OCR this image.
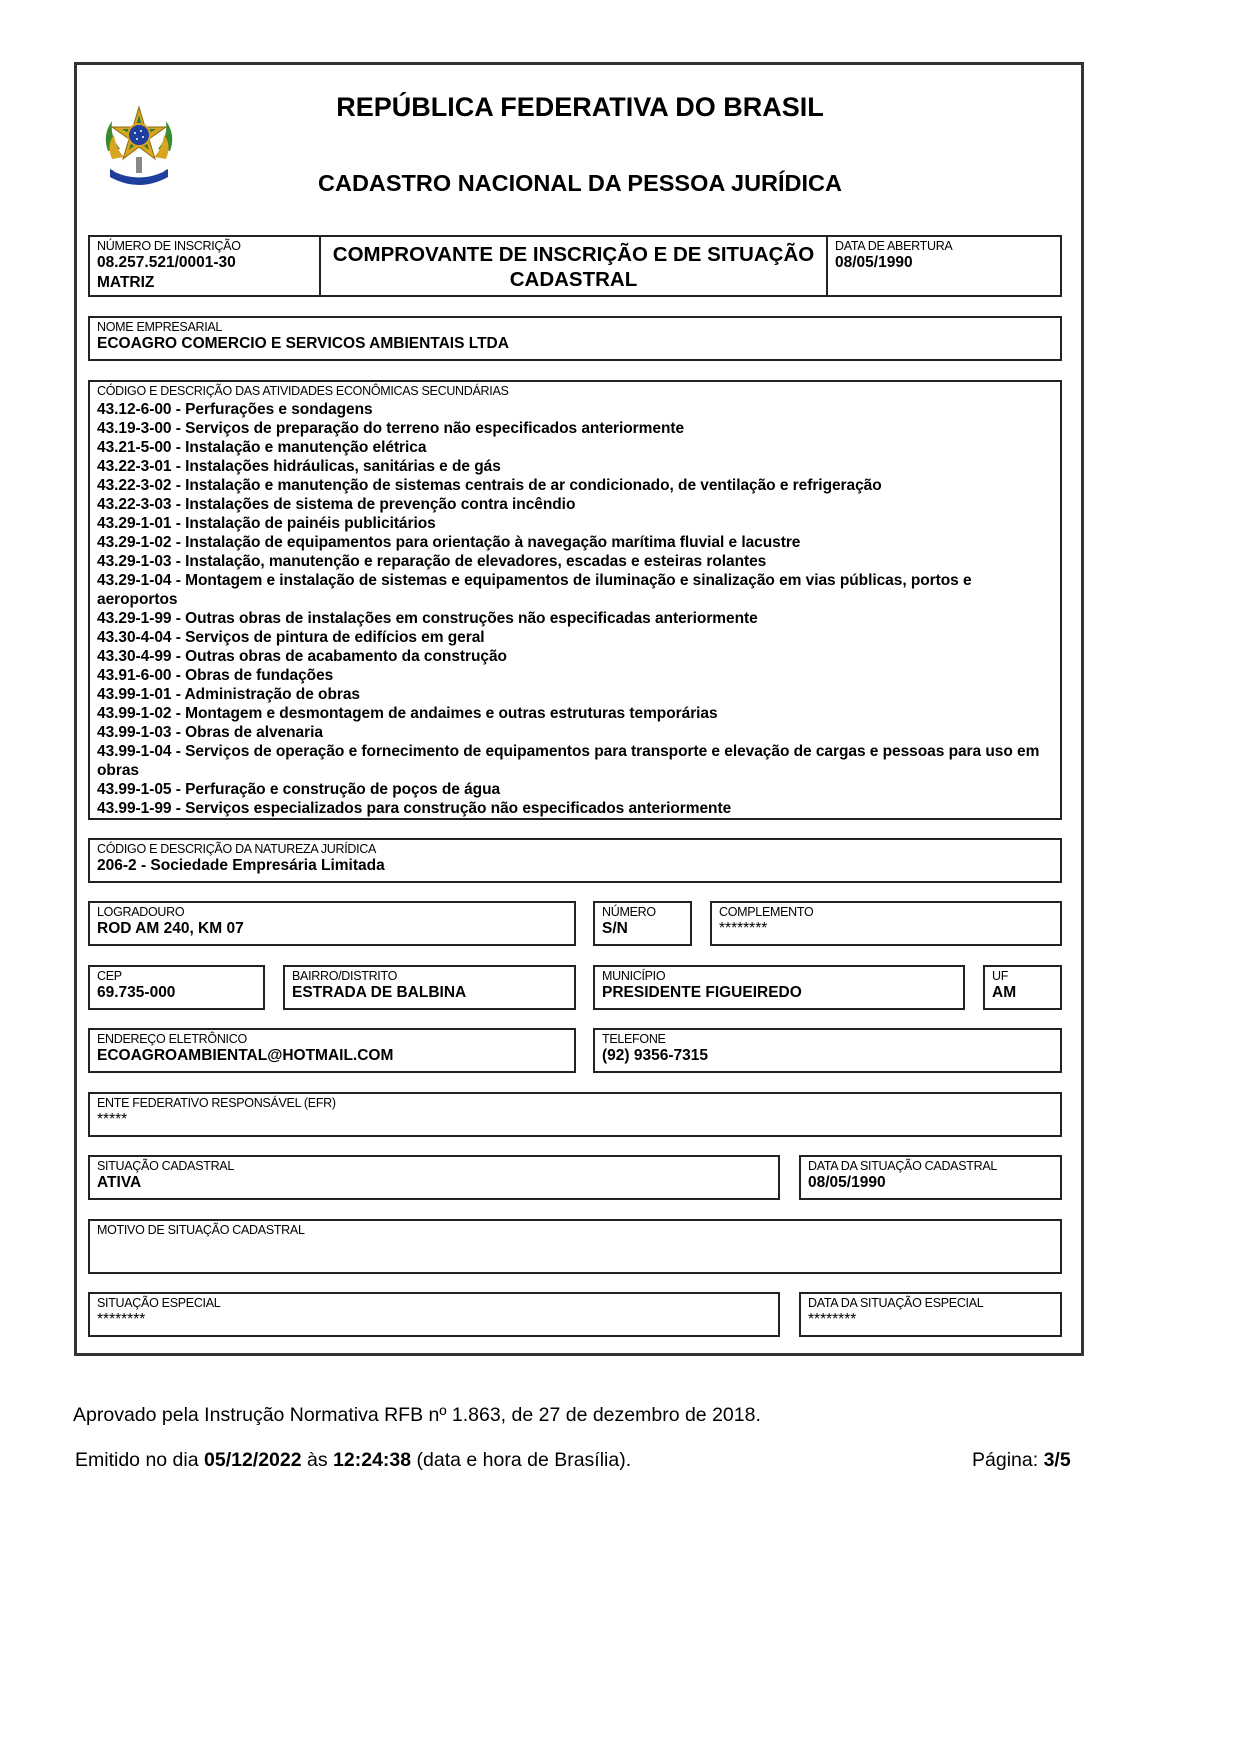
REPÚBLICA FEDERATIVA DO BRASIL
CADASTRO NACIONAL DA PESSOA JURÍDICA
NÚMERO DE INSCRIÇÃO
08.257.521/0001-30
MATRIZ
COMPROVANTE DE INSCRIÇÃO E DE SITUAÇÃO
CADASTRAL
DATA DE ABERTURA
08/05/1990
NOME EMPRESARIAL
ECOAGRO COMERCIO E SERVICOS AMBIENTAIS LTDA
CÓDIGO E DESCRIÇÃO DAS ATIVIDADES ECONÔMICAS SECUNDÁRIAS
43.12-6-00 - Perfurações e sondagens
43.19-3-00 - Serviços de preparação do terreno não especificados anteriormente
43.21-5-00 - Instalação e manutenção elétrica
43.22-3-01 - Instalações hidráulicas, sanitárias e de gás
43.22-3-02 - Instalação e manutenção de sistemas centrais de ar condicionado, de ventilação e refrigeração
43.22-3-03 - Instalações de sistema de prevenção contra incêndio
43.29-1-01 - Instalação de painéis publicitários
43.29-1-02 - Instalação de equipamentos para orientação à navegação marítima fluvial e lacustre
43.29-1-03 - Instalação, manutenção e reparação de elevadores, escadas e esteiras rolantes
43.29-1-04 - Montagem e instalação de sistemas e equipamentos de iluminação e sinalização em vias públicas, portos e aeroportos
43.29-1-99 - Outras obras de instalações em construções não especificadas anteriormente
43.30-4-04 - Serviços de pintura de edifícios em geral
43.30-4-99 - Outras obras de acabamento da construção
43.91-6-00 - Obras de fundações
43.99-1-01 - Administração de obras
43.99-1-02 - Montagem e desmontagem de andaimes e outras estruturas temporárias
43.99-1-03 - Obras de alvenaria
43.99-1-04 - Serviços de operação e fornecimento de equipamentos para transporte e elevação de cargas e pessoas para uso em obras
43.99-1-05 - Perfuração e construção de poços de água
43.99-1-99 - Serviços especializados para construção não especificados anteriormente
CÓDIGO E DESCRIÇÃO DA NATUREZA JURÍDICA
206-2 - Sociedade Empresária Limitada
LOGRADOURO
ROD AM 240, KM 07
NÚMERO
S/N
COMPLEMENTO
********
CEP
69.735-000
BAIRRO/DISTRITO
ESTRADA DE BALBINA
MUNICÍPIO
PRESIDENTE FIGUEIREDO
UF
AM
ENDEREÇO ELETRÔNICO
ECOAGROAMBIENTAL@HOTMAIL.COM
TELEFONE
(92) 9356-7315
ENTE FEDERATIVO RESPONSÁVEL (EFR)
*****
SITUAÇÃO CADASTRAL
ATIVA
DATA DA SITUAÇÃO CADASTRAL
08/05/1990
MOTIVO DE SITUAÇÃO CADASTRAL
SITUAÇÃO ESPECIAL
********
DATA DA SITUAÇÃO ESPECIAL
********
Aprovado pela Instrução Normativa RFB nº 1.863, de 27 de dezembro de 2018.
Emitido no dia 05/12/2022 às 12:24:38 (data e hora de Brasília).	Página: 3/5
